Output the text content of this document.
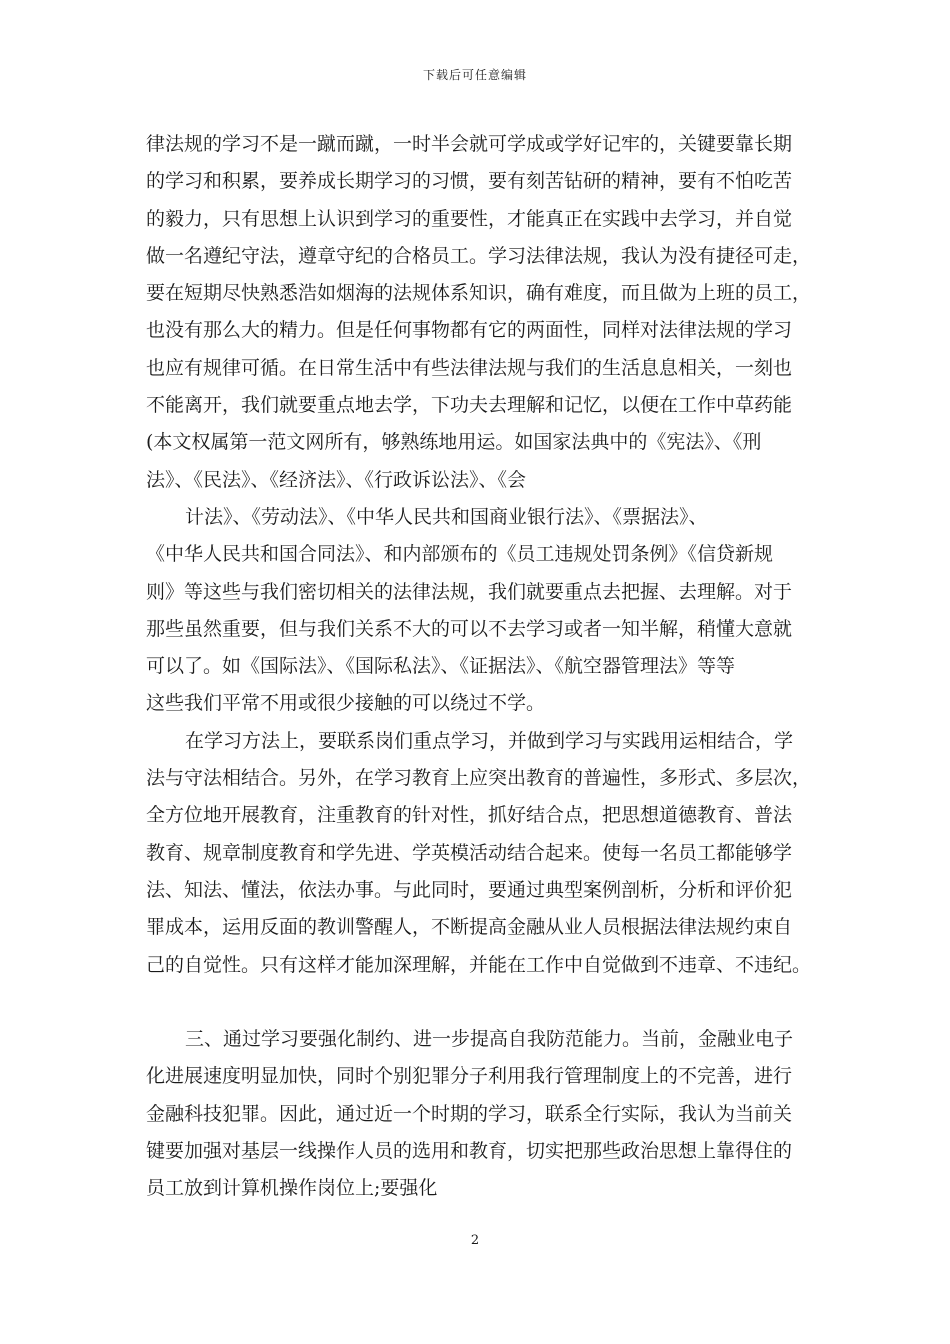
下载后可任意编辑
律法规的学习不是一蹴而蹴，一时半会就可学成或学好记牢的，关键要靠长期
的学习和积累，要养成长期学习的习惯，要有刻苦钻研的精神，要有不怕吃苦
的毅力，只有思想上认识到学习的重要性，才能真正在实践中去学习，并自觉
做一名遵纪守法，遵章守纪的合格员工。学习法律法规，我认为没有捷径可走，
要在短期尽快熟悉浩如烟海的法规体系知识，确有难度，而且做为上班的员工，
也没有那么大的精力。但是任何事物都有它的两面性，同样对法律法规的学习
也应有规律可循。在日常生活中有些法律法规与我们的生活息息相关，一刻也
不能离开，我们就要重点地去学，下功夫去理解和记忆，以便在工作中草药能
(本文权属第一范文网所有，够熟练地用运。如国家法典中的《宪法》、《刑
法》、《民法》、《经济法》、《行政诉讼法》、《会
计法》、《劳动法》、《中华人民共和国商业银行法》、《票据法》、
《中华人民共和国合同法》、和内部颁布的《员工违规处罚条例》《信贷新规
则》等这些与我们密切相关的法律法规，我们就要重点去把握、去理解。对于
那些虽然重要，但与我们关系不大的可以不去学习或者一知半解，稍懂大意就
可以了。如《国际法》、《国际私法》、《证据法》、《航空器管理法》等等
这些我们平常不用或很少接触的可以绕过不学。
在学习方法上，要联系岗们重点学习，并做到学习与实践用运相结合，学
法与守法相结合。另外，在学习教育上应突出教育的普遍性，多形式、多层次，
全方位地开展教育，注重教育的针对性，抓好结合点，把思想道德教育、普法
教育、规章制度教育和学先进、学英模活动结合起来。使每一名员工都能够学
法、知法、懂法，依法办事。与此同时，要通过典型案例剖析，分析和评价犯
罪成本，运用反面的教训警醒人，不断提高金融从业人员根据法律法规约束自
己的自觉性。只有这样才能加深理解，并能在工作中自觉做到不违章、不违纪。
三、通过学习要强化制约、进一步提高自我防范能力。当前，金融业电子
化进展速度明显加快，同时个别犯罪分子利用我行管理制度上的不完善，进行
金融科技犯罪。因此，通过近一个时期的学习，联系全行实际，我认为当前关
键要加强对基层一线操作人员的选用和教育，切实把那些政治思想上靠得住的
员工放到计算机操作岗位上;要强化
2
